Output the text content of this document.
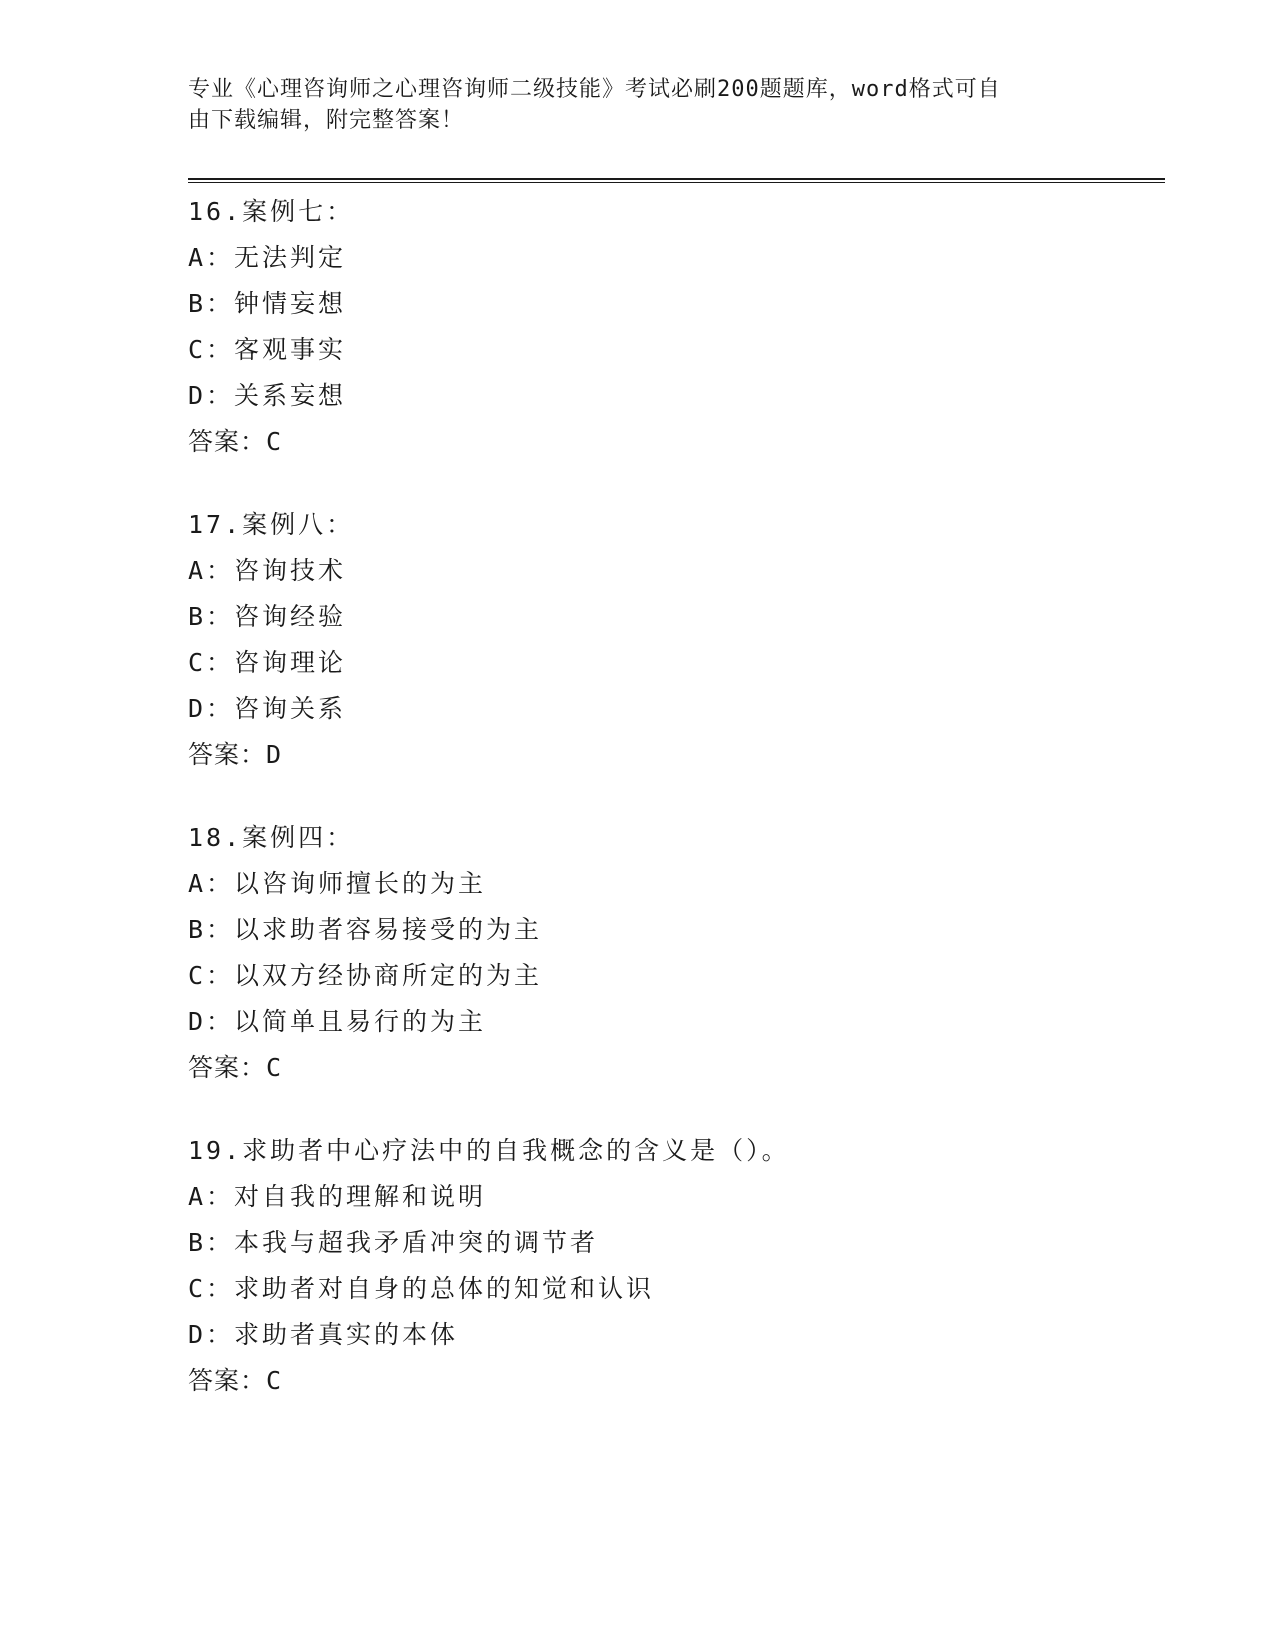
专业《心理咨询师之心理咨询师二级技能》考试必刷200题题库，word格式可自
由下载编辑，附完整答案！
16.案例七：
A：无法判定
B：钟情妄想
C：客观事实
D：关系妄想
答案：C
17.案例八：
A：咨询技术
B：咨询经验
C：咨询理论
D：咨询关系
答案：D
18.案例四：
A：以咨询师擅长的为主
B：以求助者容易接受的为主
C：以双方经协商所定的为主
D：以简单且易行的为主
答案：C
19.求助者中心疗法中的自我概念的含义是（）。
A：对自我的理解和说明
B：本我与超我矛盾冲突的调节者
C：求助者对自身的总体的知觉和认识
D：求助者真实的本体
答案：C
